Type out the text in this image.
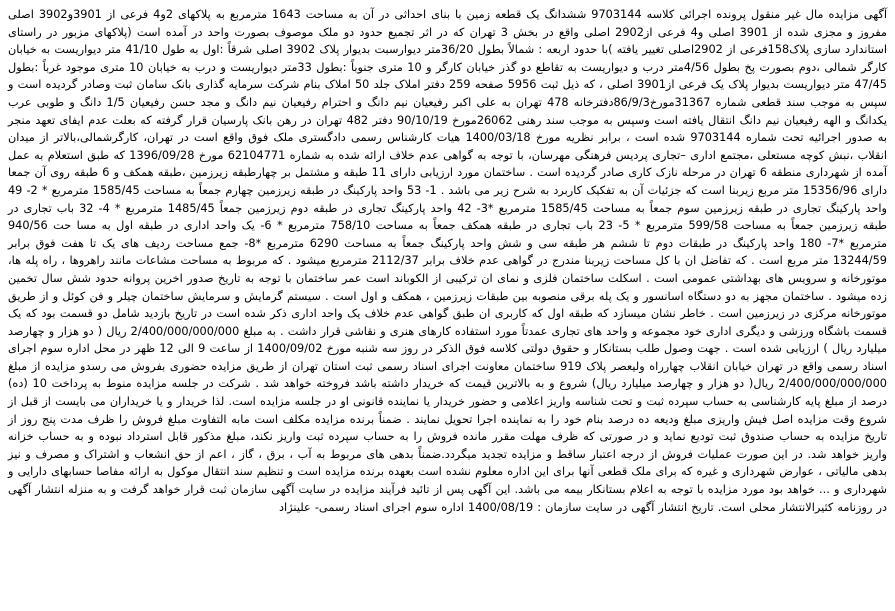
آگهی مزایده مال غیر منقول پرونده اجرائی کلاسه 9703144 ششدانگ یک قطعه زمین با بنای احداثی در آن به مساحت 1643 مترمربع به پلاکهای 2و4 فرعی از 3901و3902 اصلی مفروز و مجزی شده از 3901 اصلی و4 فرعی از2902 اصلی واقع در بخش 3 تهران که در اثر تجمیع حدود دو ملک موصوف بصورت واحد در آمده است (پلاکهای مزبور در راستای استاندارد سازی پلاک158فرعی از 2902اصلی تغییر یافته )با حدود اربعه : شمالاً بطول 36/20متر دیوارسبت بدیوار پلاک 3902 اصلی شرقاً :اول به طول 41/10 متر دیواریست به خیابان کارگر شمالی ،دوم بصورت پخ بطول 4/56متر درب و دیواریست به تقاطع دو گذر خیابان کارگر و 10 متری جنوباً :بطول 33متر دیواریست و درب به خیابان 10 متری موجود غرباً :بطول 47/45 متر دیواریست بدیوار پلاک یک فرعی از3901 اصلی ، که ذیل ثبت 5956 صفحه 259 دفتر املاک جلد 50 املاک بنام شرکت سرمایه گذاری بانک سامان ثبت وصادر گردیده است و سپس به موجب سند قطعی شماره 31367مورخ86/9/3دفترخانه 478 تهران به علی اکبر رفیعیان نیم دانگ و احترام رفیعیان نیم دانگ و مجد حسن رفیعیان 1/5 دانگ و طوبی عرب یکدانگ و الهه رفیعیان نیم دانگ انتقال یافته است وسپس به موجب سند رهنی 26062مورخ 90/10/19 دفتر 482 تهران در رهن بانک پارسیان قرار گرفته که بعلت عدم ایفای تعهد منجر به صدور اجرائیه تحت شماره 9703144 شده است ، برابر نظریه مورخ 1400/03/18 هیات کارشناس رسمی دادگستری ملک فوق واقع است در تهران، کارگرشمالی،بالاتر از میدان انقلاب ،نبش کوچه مستعلی ،مجتمع اداری –تجاری پردیس فرهنگی مهرسان، با توجه به گواهی عدم خلاف ارائه شده به شماره 62104771 مورخ 1396/09/28 که طبق استعلام به عمل آمده از شهرداری منطقه 6 تهران در مرحله نازک کاری صادر گردیده است . ساختمان مورد ارزیابی دارای 11 طبقه و مشتمل بر چهارطبقه زیرزمین ،طبقه همکف و 6 طبقه روی آن جمعا دارای 15356/96 متر مربع زیربنا است که جزئیات آن به تفکیک کاربرد به شرح زیر می باشد . 1- 53 واحد پارکینگ در طبقه زیرزمین چهارم جمعاً به مساحت 1585/45 مترمربع * 2- 49 واحد پارکینگ تجاری در طبقه زیرزمین سوم جمعاً به مساحت 1585/45 مترمربع *3- 42 واحد پارکینگ تجاری در طبقه دوم زیرزمین جمعاً 1485/45 مترمربع * 4- 32 باب تجاری در طبقه زیرزمین جمعاً به مساحت 599/58 مترمربع * 5- 23 باب تجاری در طبقه همکف جمعاً به مساحت 758/10 مترمربع * 6- یک واحد اداری در طبقه اول به مسا حت 940/56 مترمربع *7- 180 واحد پارکینگ در طبقات دوم تا ششم هر طبقه سی و شش واحد پارکینگ جمعاً به مساحت 6290 مترمربع *8- جمع مساحت ردیف های یک تا هفت فوق برابر 13244/59 متر مربع است . که تفاضل ان با کل مساحت زیربنا مندرج در گواهی عدم خلاف برابر 2112/37 مترمربع میشود . که مربوط به مساحت مشاعات مانند راهروها ، راه پله ها، موتورخانه و سرویس های بهداشتی عمومی است . اسکلت ساختمان فلزی و نمای ان ترکیبی از الکوباند است عمر ساختمان با توجه به تاریخ صدور اخرین پروانه حدود شش سال تخمین زده میشود . ساختمان مجهز به دو دستگاه اسانسور و یک پله برقی منصوبه بین طبقات زیرزمین ، همکف و اول است . سیستم گرمایش و سرمایش ساختمان چیلر و فن کوئل و از طریق موتورخانه مرکزی در زیرزمین است . خاطر نشان میسازد که طبقه اول که کاربری ان طبق گواهی عدم خلاف یک واحد اداری ذکر شده است در تاریخ بازدید شامل دو قسمت بود که یک قسمت باشگاه ورزشی و دیگری اداری خود مجموعه و واحد های تجاری عمدتاً مورد استفاده کارهای هنری و نقاشی قرار داشت . به مبلغ 2/400/000/000/000 ریال ( دو هزار و چهارصد میلیارد ریال ) ارزیابی شده است . جهت وصول طلب بستانکار و حقوق دولتی کلاسه فوق الذکر در روز سه شنبه مورخ 1400/09/02 از ساعت 9 الی 12 ظهر در محل اداره سوم اجرای اسناد رسمی واقع در تهران خیابان انقلاب چهارراه ولیعصر پلاک 919 ساختمان معاونت اجرای اسناد رسمی ثبت استان تهران از طریق مزایده حضوری بفروش می رسدو مزایده از مبلغ 2/400/000/000/000 ریال( دو هزار و چهارصد میلیارد ریال) شروع و به بالاترین قیمت که خریدار داشته باشد فروخته خواهد شد . شرکت در جلسه مزایده منوط به پرداخت 10 (ده) درصد از مبلغ پایه کارشناسی به حساب سپرده ثبت و تحت شناسه واریز اعلامی و حضور خریدار یا نماینده قانونی او در جلسه مزایده است. لذا خریدار و یا خریداران می بایست از قبل از شروع وقت مزایده اصل فیش واریزی مبلغ ودیعه ده درصد بنام خود را به نماینده اجرا تحویل نمایند . ضمناً برنده مزایده مکلف است مابه التفاوت مبلغ فروش را ظرف مدت پنج روز از تاریخ مزایده به حساب صندوق ثبت تودیع نماید و در صورتی که ظرف مهلت مقرر مانده فروش را به حساب سپرده ثبت واریز نکند، مبلغ مذکور قابل استرداد نبوده و به حساب خزانه واریز خواهد شد. در این صورت عملیات فروش از درجه اعتبار ساقط و مزایده تجدید میگردد.ضمناً بدهی های مربوط به آب ، برق ، گاز ، اعم از حق انشعاب و اشتراک و مصرف و نیز بدهی مالیاتی ، عوارض شهرداری و غیره که برای ملک قطعی آنها برای این اداره معلوم نشده است بعهده برنده مزایده است و تنظیم سند انتقال موکول به ارائه مفاصا حسابهای دارایی و شهرداری و ... خواهد بود مورد مزایده با توجه به اعلام بستانکار بیمه می باشد. این آگهی پس از تائید فرآیند مزایده در سایت آگهی سازمان ثبت قرار خواهد گرفت و به منزله انتشار آگهی در روزنامه کثیرالانتشار محلی است. تاریخ انتشار آگهی در سایت سازمان : 1400/08/19 اداره سوم اجرای اسناد رسمی- علینژاد
